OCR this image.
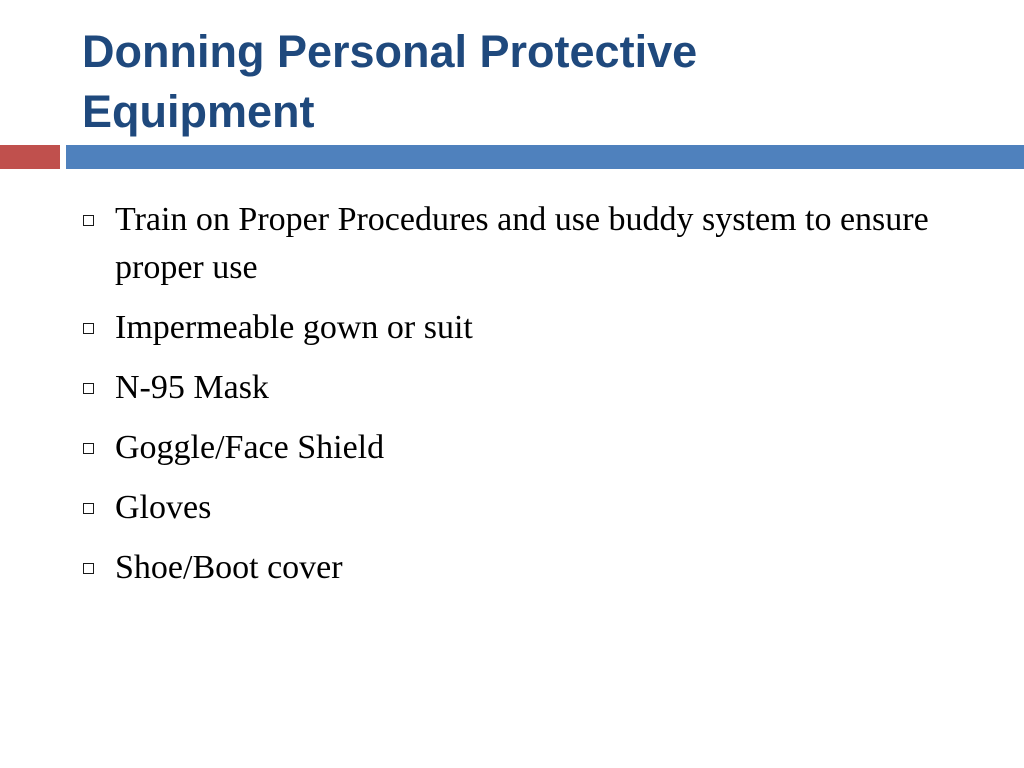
Donning Personal Protective
Equipment
Train on Proper Procedures and use buddy system to ensure proper use
Impermeable gown or suit
N-95 Mask
Goggle/Face Shield
Gloves
Shoe/Boot cover
